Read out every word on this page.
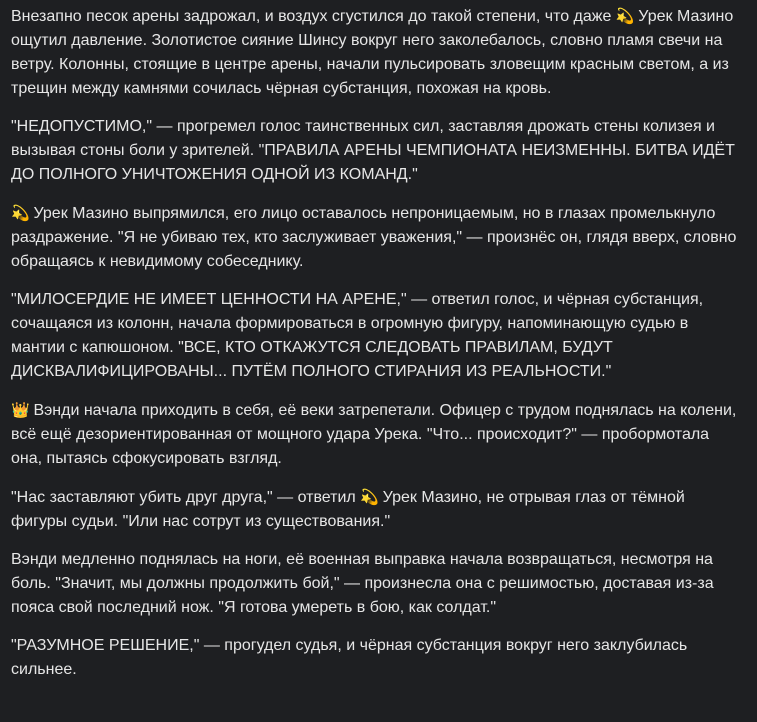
Внезапно песок арены задрожал, и воздух сгустился до такой степени, что даже 💫 Урек Мазино ощутил давление. Золотистое сияние Шинсу вокруг него заколебалось, словно пламя свечи на ветру. Колонны, стоящие в центре арены, начали пульсировать зловещим красным светом, а из трещин между камнями сочилась чёрная субстанция, похожая на кровь.

"НЕДОПУСТИМО," — прогремел голос таинственных сил, заставляя дрожать стены колизея и вызывая стоны боли у зрителей. "ПРАВИЛА АРЕНЫ ЧЕМПИОНАТА НЕИЗМЕННЫ. БИТВА ИДЁТ ДО ПОЛНОГО УНИЧТОЖЕНИЯ ОДНОЙ ИЗ КОМАНД."

💫 Урек Мазино выпрямился, его лицо оставалось непроницаемым, но в глазах промелькнуло раздражение. "Я не убиваю тех, кто заслуживает уважения," — произнёс он, глядя вверх, словно обращаясь к невидимому собеседнику.

"МИЛОСЕРДИЕ НЕ ИМЕЕТ ЦЕННОСТИ НА АРЕНЕ," — ответил голос, и чёрная субстанция, сочащаяся из колонн, начала формироваться в огромную фигуру, напоминающую судью в мантии с капюшоном. "ВСЕ, КТО ОТКАЖУТСЯ СЛЕДОВАТЬ ПРАВИЛАМ, БУДУТ ДИСКВАЛИФИЦИРОВАНЫ... ПУТЁМ ПОЛНОГО СТИРАНИЯ ИЗ РЕАЛЬНОСТИ."

👑 Вэнди начала приходить в себя, её веки затрепетали. Офицер с трудом поднялась на колени, всё ещё дезориентированная от мощного удара Урека. "Что... происходит?" — пробормотала она, пытаясь сфокусировать взгляд.

"Нас заставляют убить друг друга," — ответил 💫 Урек Мазино, не отрывая глаз от тёмной фигуры судьи. "Или нас сотрут из существования."

Вэнди медленно поднялась на ноги, её военная выправка начала возвращаться, несмотря на боль. "Значит, мы должны продолжить бой," — произнесла она с решимостью, доставая из-за пояса свой последний нож. "Я готова умереть в бою, как солдат."

"РАЗУМНОЕ РЕШЕНИЕ," — прогудел судья, и чёрная субстанция вокруг него заклубилась сильнее.
